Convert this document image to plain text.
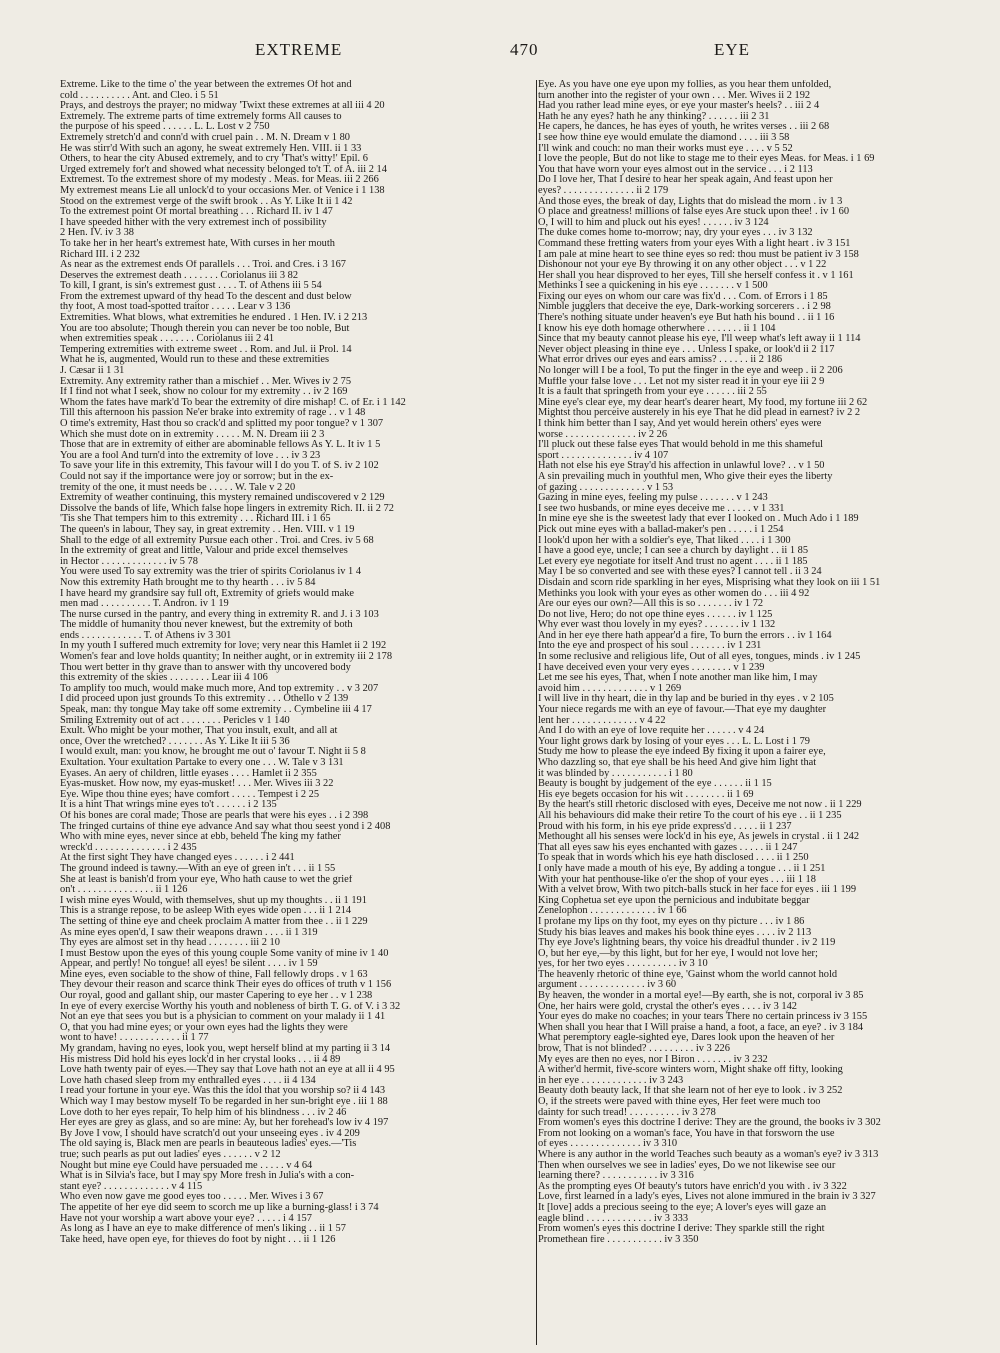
EXTREME	470	EYE
Extreme. Like to the time o' the year between the extremes Of hot and
cold . . . . . . . . . . Ant. and Cleo. i 5 51
Prays, and destroys the prayer; no midway 'Twixt these extremes at all iii 4 20
Extremely. The extreme parts of time extremely forms All causes to
the purpose of his speed . . . . . . L. L. Lost v 2 750
Extremely stretch'd and conn'd with cruel pain . . M. N. Dream v 1 80
He was stirr'd With such an agony, he sweat extremely Hen. VIII. ii 1 33
Others, to hear the city Abused extremely, and to cry 'That's witty!' Epil. 6
Urged extremely for't and showed what necessity belonged to't T. of A. iii 2 14
Extremest. To the extremest shore of my modesty . Meas. for Meas. iii 2 266
My extremest means Lie all unlock'd to your occasions Mer. of Venice i 1 138
Stood on the extremest verge of the swift brook . . As Y. Like It ii 1 42
To the extremest point Of mortal breathing . . . Richard II. iv 1 47
I have speeded hither with the very extremest inch of possibility
2 Hen. IV. iv 3 38
To take her in her heart's extremest hate, With curses in her mouth
Richard III. i 2 232
As near as the extremest ends Of parallels . . . Troi. and Cres. i 3 167
Deserves the extremest death . . . . . . . Coriolanus iii 3 82
To kill, I grant, is sin's extremest gust . . . . T. of Athens iii 5 54
From the extremest upward of thy head To the descent and dust below
thy foot, A most toad-spotted traitor . . . . . Lear v 3 136
Extremities. What blows, what extremities he endured . 1 Hen. IV. i 2 213
You are too absolute; Though therein you can never be too noble, But
when extremities speak . . . . . . . Coriolanus iii 2 41
Tempering extremities with extreme sweet . . Rom. and Jul. ii Prol. 14
What he is, augmented, Would run to these and these extremities
J. Cæsar ii 1 31
Extremity. Any extremity rather than a mischief . . Mer. Wives iv 2 75
If I find not what I seek, show no colour for my extremity . . iv 2 169
Whom the fates have mark'd To bear the extremity of dire mishap! C. of Er. i 1 142
Till this afternoon his passion Ne'er brake into extremity of rage . . v 1 48
O time's extremity, Hast thou so crack'd and splitted my poor tongue? v 1 307
Which she must dote on in extremity . . . . . M. N. Dream iii 2 3
Those that are in extremity of either are abominable fellows As Y. L. It iv 1 5
You are a fool And turn'd into the extremity of love . . . iv 3 23
To save your life in this extremity, This favour will I do you T. of S. iv 2 102
Could not say if the importance were joy or sorrow; but in the ex-
tremity of the one, it must needs be . . . . . W. Tale v 2 20
Extremity of weather continuing, this mystery remained undiscovered v 2 129
Dissolve the bands of life, Which false hope lingers in extremity Rich. II. ii 2 72
'Tis she That tempers him to this extremity . . . Richard III. i 1 65
The queen's in labour, They say, in great extremity . . Hen. VIII. v 1 19
Shall to the edge of all extremity Pursue each other . Troi. and Cres. iv 5 68
In the extremity of great and little, Valour and pride excel themselves
in Hector . . . . . . . . . . . . . iv 5 78
You were used To say extremity was the trier of spirits Coriolanus iv 1 4
Now this extremity Hath brought me to thy hearth . . . iv 5 84
I have heard my grandsire say full oft, Extremity of griefs would make
men mad . . . . . . . . . . T. Andron. iv 1 19
The nurse cursed in the pantry, and every thing in extremity R. and J. i 3 103
The middle of humanity thou never knewest, but the extremity of both
ends . . . . . . . . . . . . T. of Athens iv 3 301
In my youth I suffered much extremity for love; very near this Hamlet ii 2 192
Women's fear and love holds quantity; In neither aught, or in extremity iii 2 178
Thou wert better in thy grave than to answer with thy uncovered body
this extremity of the skies . . . . . . . . Lear iii 4 106
To amplify too much, would make much more, And top extremity . . v 3 207
I did proceed upon just grounds To this extremity . . . Othello v 2 139
Speak, man: thy tongue May take off some extremity . . Cymbeline iii 4 17
Smiling Extremity out of act . . . . . . . . Pericles v 1 140
Exult. Who might be your mother, That you insult, exult, and all at
once, Over the wretched? . . . . . . . As Y. Like It iii 5 36
I would exult, man: you know, he brought me out o' favour T. Night ii 5 8
Exultation. Your exultation Partake to every one . . . W. Tale v 3 131
Eyases. An aery of children, little eyases . . . . Hamlet ii 2 355
Eyas-musket. How now, my eyas-musket! . . . Mer. Wives iii 3 22
Eye. Wipe thou thine eyes; have comfort . . . . . Tempest i 2 25
It is a hint That wrings mine eyes to't . . . . . . i 2 135
Of his bones are coral made; Those are pearls that were his eyes . . i 2 398
The fringed curtains of thine eye advance And say what thou seest yond i 2 408
Who with mine eyes, never since at ebb, beheld The king my father
wreck'd . . . . . . . . . . . . . . i 2 435
At the first sight They have changed eyes . . . . . . i 2 441
The ground indeed is tawny.—With an eye of green in't . . . ii 1 55
She at least is banish'd from your eye, Who hath cause to wet the grief
on't . . . . . . . . . . . . . . . ii 1 126
I wish mine eyes Would, with themselves, shut up my thoughts . . ii 1 191
This is a strange repose, to be asleep With eyes wide open . . . ii 1 214
The setting of thine eye and cheek proclaim A matter from thee . . ii 1 229
As mine eyes open'd, I saw their weapons drawn . . . . ii 1 319
Thy eyes are almost set in thy head . . . . . . . . iii 2 10
I must Bestow upon the eyes of this young couple Some vanity of mine iv 1 40
Appear, and pertly! No tongue! all eyes! be silent . . . . iv 1 59
Mine eyes, even sociable to the show of thine, Fall fellowly drops . v 1 63
They devour their reason and scarce think Their eyes do offices of truth v 1 156
Our royal, good and gallant ship, our master Capering to eye her . . v 1 238
In eye of every exercise Worthy his youth and nobleness of birth T. G. of V. i 3 32
Not an eye that sees you but is a physician to comment on your malady ii 1 41
O, that you had mine eyes; or your own eyes had the lights they were
wont to have! . . . . . . . . . . . . ii 1 77
My grandam, having no eyes, look you, wept herself blind at my parting ii 3 14
His mistress Did hold his eyes lock'd in her crystal looks . . . ii 4 89
Love hath twenty pair of eyes.—They say that Love hath not an eye at all ii 4 95
Love hath chased sleep from my enthralled eyes . . . . ii 4 134
I read your fortune in your eye. Was this the idol that you worship so? ii 4 143
Which way I may bestow myself To be regarded in her sun-bright eye . iii 1 88
Love doth to her eyes repair, To help him of his blindness . . . iv 2 46
Her eyes are grey as glass, and so are mine: Ay, but her forehead's low iv 4 197
By Jove I vow, I should have scratch'd out your unseeing eyes . iv 4 209
The old saying is, Black men are pearls in beauteous ladies' eyes.—'Tis
true; such pearls as put out ladies' eyes . . . . . . v 2 12
Nought but mine eye Could have persuaded me . . . . . v 4 64
What is in Silvia's face, but I may spy More fresh in Julia's with a con-
stant eye? . . . . . . . . . . . . . v 4 115
Who even now gave me good eyes too . . . . . Mer. Wives i 3 67
The appetite of her eye did seem to scorch me up like a burning-glass! i 3 74
Have not your worship a wart above your eye? . . . . . i 4 157
As long as I have an eye to make difference of men's liking . . ii 1 57
Take heed, have open eye, for thieves do foot by night . . . ii 1 126
Eye. As you have one eye upon my follies, as you hear them unfolded,
turn another into the register of your own . . . Mer. Wives ii 2 192
Had you rather lead mine eyes, or eye your master's heels? . . iii 2 4
Hath he any eyes? hath he any thinking? . . . . . . iii 2 31
He capers, he dances, he has eyes of youth, he writes verses . . iii 2 68
I see how thine eye would emulate the diamond . . . . iii 3 58
I'll wink and couch: no man their works must eye . . . . v 5 52
I love the people, But do not like to stage me to their eyes Meas. for Meas. i 1 69
You that have worn your eyes almost out in the service . . . i 2 113
Do I love her, That I desire to hear her speak again, And feast upon her
eyes? . . . . . . . . . . . . . . ii 2 179
And those eyes, the break of day, Lights that do mislead the morn . iv 1 3
O place and greatness! millions of false eyes Are stuck upon thee! . iv 1 60
O, I will to him and pluck out his eyes! . . . . . . iv 3 124
The duke comes home to-morrow; nay, dry your eyes . . . iv 3 132
Command these fretting waters from your eyes With a light heart . iv 3 151
I am pale at mine heart to see thine eyes so red: thou must be patient iv 3 158
Dishonour not your eye By throwing it on any other object . . . v 1 22
Her shall you hear disproved to her eyes, Till she herself confess it . v 1 161
Methinks I see a quickening in his eye . . . . . . . v 1 500
Fixing our eyes on whom our care was fix'd . . . Com. of Errors i 1 85
Nimble jugglers that deceive the eye, Dark-working sorcerers . . i 2 98
There's nothing situate under heaven's eye But hath his bound . . ii 1 16
I know his eye doth homage otherwhere . . . . . . . ii 1 104
Since that my beauty cannot please his eye, I'll weep what's left away ii 1 114
Never object pleasing in thine eye . . . Unless I spake, or look'd ii 2 117
What error drives our eyes and ears amiss? . . . . . . ii 2 186
No longer will I be a fool, To put the finger in the eye and weep . ii 2 206
Muffle your false love . . . Let not my sister read it in your eye iii 2 9
It is a fault that springeth from your eye . . . . . . iii 2 55
Mine eye's clear eye, my dear heart's dearer heart, My food, my fortune iii 2 62
Mightst thou perceive austerely in his eye That he did plead in earnest? iv 2 2
I think him better than I say, And yet would herein others' eyes were
worse . . . . . . . . . . . . . . iv 2 26
I'll pluck out these false eyes That would behold in me this shameful
sport . . . . . . . . . . . . . . iv 4 107
Hath not else his eye Stray'd his affection in unlawful love? . . v 1 50
A sin prevailing much in youthful men, Who give their eyes the liberty
of gazing . . . . . . . . . . . . . v 1 53
Gazing in mine eyes, feeling my pulse . . . . . . . v 1 243
I see two husbands, or mine eyes deceive me . . . . . v 1 331
In mine eye she is the sweetest lady that ever I looked on . Much Ado i 1 189
Pick out mine eyes with a ballad-maker's pen . . . . . i 1 254
I look'd upon her with a soldier's eye, That liked . . . . i 1 300
I have a good eye, uncle; I can see a church by daylight . . ii 1 85
Let every eye negotiate for itself And trust no agent . . . . ii 1 185
May I be so converted and see with these eyes? I cannot tell . ii 3 24
Disdain and scorn ride sparkling in her eyes, Misprising what they look on iii 1 51
Methinks you look with your eyes as other women do . . . iii 4 92
Are our eyes our own?—All this is so . . . . . . . iv 1 72
Do not live, Hero; do not ope thine eyes . . . . . . iv 1 125
Why ever wast thou lovely in my eyes? . . . . . . . iv 1 132
And in her eye there hath appear'd a fire, To burn the errors . . iv 1 164
Into the eye and prospect of his soul . . . . . . . iv 1 231
In some reclusive and religious life, Out of all eyes, tongues, minds . iv 1 245
I have deceived even your very eyes . . . . . . . . v 1 239
Let me see his eyes, That, when I note another man like him, I may
avoid him . . . . . . . . . . . . . v 1 269
I will live in thy heart, die in thy lap and be buried in thy eyes . v 2 105
Your niece regards me with an eye of favour.—That eye my daughter
lent her . . . . . . . . . . . . . v 4 22
And I do with an eye of love requite her . . . . . . v 4 24
Your light grows dark by losing of your eyes . . . L. L. Lost i 1 79
Study me how to please the eye indeed By fixing it upon a fairer eye,
Who dazzling so, that eye shall be his heed And give him light that
it was blinded by . . . . . . . . . . . i 1 80
Beauty is bought by judgement of the eye . . . . . . ii 1 15
His eye begets occasion for his wit . . . . . . . . ii 1 69
By the heart's still rhetoric disclosed with eyes, Deceive me not now . ii 1 229
All his behaviours did make their retire To the court of his eye . . ii 1 235
Proud with his form, in his eye pride express'd . . . . . ii 1 237
Methought all his senses were lock'd in his eye, As jewels in crystal . ii 1 242
That all eyes saw his eyes enchanted with gazes . . . . . ii 1 247
To speak that in words which his eye hath disclosed . . . . ii 1 250
I only have made a mouth of his eye, By adding a tongue . . . ii 1 251
With your hat penthouse-like o'er the shop of your eyes . . . iii 1 18
With a velvet brow, With two pitch-balls stuck in her face for eyes . iii 1 199
King Cophetua set eye upon the pernicious and indubitate beggar
Zenelophon . . . . . . . . . . . . . iv 1 66
I profane my lips on thy foot, my eyes on thy picture . . . iv 1 86
Study his bias leaves and makes his book thine eyes . . . . iv 2 113
Thy eye Jove's lightning bears, thy voice his dreadful thunder . iv 2 119
O, but her eye,—by this light, but for her eye, I would not love her;
yes, for her two eyes . . . . . . . . . . iv 3 10
The heavenly rhetoric of thine eye, 'Gainst whom the world cannot hold
argument . . . . . . . . . . . . . iv 3 60
By heaven, the wonder in a mortal eye!—By earth, she is not, corporal iv 3 85
One, her hairs were gold, crystal the other's eyes . . . . iv 3 142
Your eyes do make no coaches; in your tears There no certain princess iv 3 155
When shall you hear that I Will praise a hand, a foot, a face, an eye? . iv 3 184
What peremptory eagle-sighted eye, Dares look upon the heaven of her
brow, That is not blinded? . . . . . . . . . iv 3 226
My eyes are then no eyes, nor I Biron . . . . . . . iv 3 232
A wither'd hermit, five-score winters worn, Might shake off fifty, looking
in her eye . . . . . . . . . . . . . iv 3 243
Beauty doth beauty lack, If that she learn not of her eye to look . iv 3 252
O, if the streets were paved with thine eyes, Her feet were much too
dainty for such tread! . . . . . . . . . . iv 3 278
From women's eyes this doctrine I derive: They are the ground, the books iv 3 302
From not looking on a woman's face, You have in that forsworn the use
of eyes . . . . . . . . . . . . . . iv 3 310
Where is any author in the world Teaches such beauty as a woman's eye? iv 3 313
Then when ourselves we see in ladies' eyes, Do we not likewise see our
learning there? . . . . . . . . . . . iv 3 316
As the prompting eyes Of beauty's tutors have enrich'd you with . iv 3 322
Love, first learned in a lady's eyes, Lives not alone immured in the brain iv 3 327
It [love] adds a precious seeing to the eye; A lover's eyes will gaze an
eagle blind . . . . . . . . . . . . . iv 3 333
From women's eyes this doctrine I derive: They sparkle still the right
Promethean fire . . . . . . . . . . . iv 3 350
